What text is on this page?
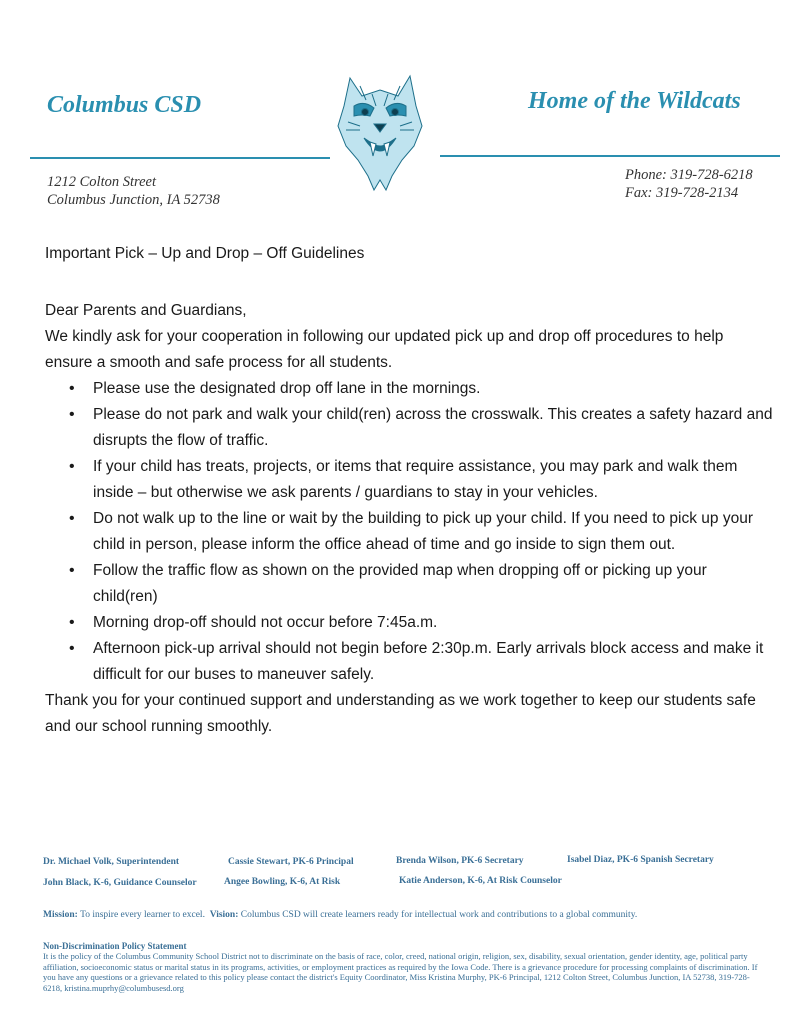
Columbus CSD	Home of the Wildcats
1212 Colton Street
Columbus Junction, IA 52738
Phone: 319-728-6218
Fax: 319-728-2134
Important Pick – Up and Drop – Off Guidelines

Dear Parents and Guardians,

We kindly ask for your cooperation in following our updated pick up and drop off procedures to help ensure a smooth and safe process for all students.

• Please use the designated drop off lane in the mornings.
• Please do not park and walk your child(ren) across the crosswalk. This creates a safety hazard and disrupts the flow of traffic.
• If your child has treats, projects, or items that require assistance, you may park and walk them inside – but otherwise we ask parents / guardians to stay in your vehicles.
• Do not walk up to the line or wait by the building to pick up your child. If you need to pick up your child in person, please inform the office ahead of time and go inside to sign them out.
• Follow the traffic flow as shown on the provided map when dropping off or picking up your child(ren)
• Morning drop-off should not occur before 7:45a.m.
• Afternoon pick-up arrival should not begin before 2:30p.m. Early arrivals block access and make it difficult for our buses to maneuver safely.

Thank you for your continued support and understanding as we work together to keep our students safe and our school running smoothly.

Dr. Michael Volk, Superintendent	Cassie Stewart, PK-6 Principal	Brenda Wilson, PK-6 Secretary	Isabel Diaz, PK-6 Spanish Secretary
John Black, K-6, Guidance Counselor	Angee Bowling, K-6, At Risk	Katie Anderson, K-6, At Risk Counselor
Mission: To inspire every learner to excel. Vision: Columbus CSD will create learners ready for intellectual work and contributions to a global community.
Non-Discrimination Policy Statement
It is the policy of the Columbus Community School District not to discriminate on the basis of race, color, creed, national origin, religion, sex, disability, sexual orientation, gender identity, age, political party affiliation, socioeconomic status or marital status in its programs, activities, or employment practices as required by the Iowa Code. There is a grievance procedure for processing complaints of discrimination. If you have any questions or a grievance related to this policy please contact the district's Equity Coordinator, Miss Kristina Murphy, PK-6 Principal, 1212 Colton Street, Columbus Junction, IA 52738, 319-728-6218, kristina.muprhy@columbusesd.org
